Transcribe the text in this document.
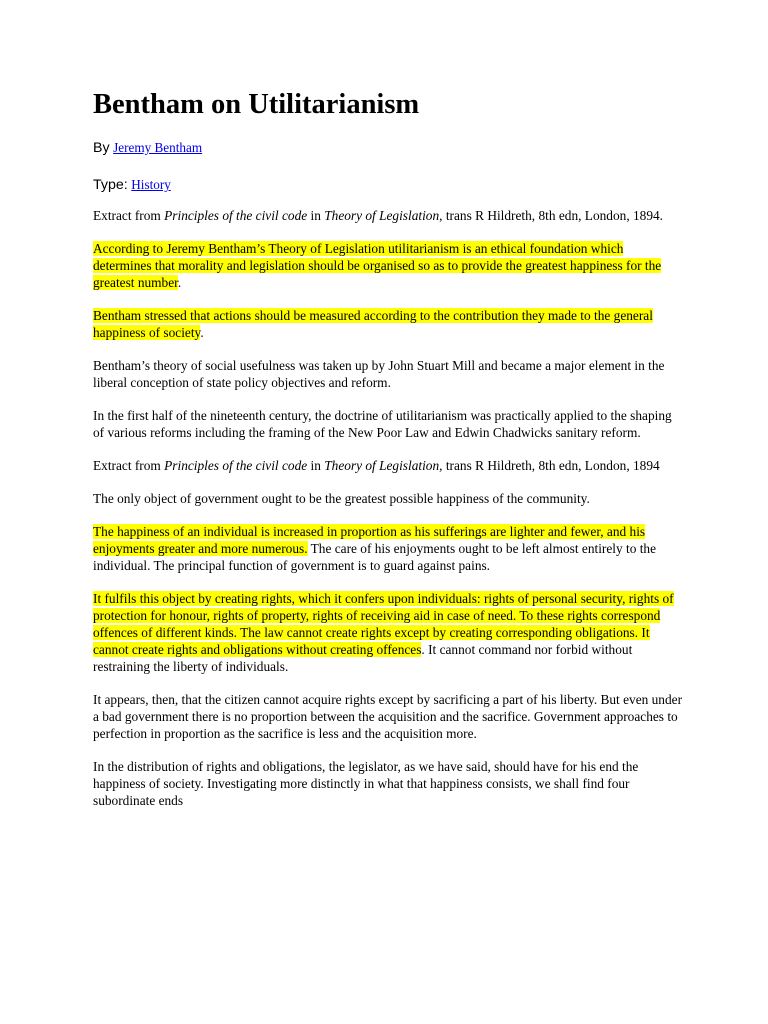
Bentham on Utilitarianism
By Jeremy Bentham
Type: History

Extract from Principles of the civil code in Theory of Legislation, trans R Hildreth, 8th edn, London, 1894.

According to Jeremy Bentham’s Theory of Legislation utilitarianism is an ethical foundation which determines that morality and legislation should be organised so as to provide the greatest happiness for the greatest number.

Bentham stressed that actions should be measured according to the contribution they made to the general happiness of society.

Bentham’s theory of social usefulness was taken up by John Stuart Mill and became a major element in the liberal conception of state policy objectives and reform.

In the first half of the nineteenth century, the doctrine of utilitarianism was practically applied to the shaping of various reforms including the framing of the New Poor Law and Edwin Chadwicks sanitary reform.

Extract from Principles of the civil code in Theory of Legislation, trans R Hildreth, 8th edn, London, 1894

The only object of government ought to be the greatest possible happiness of the community.

The happiness of an individual is increased in proportion as his sufferings are lighter and fewer, and his enjoyments greater and more numerous. The care of his enjoyments ought to be left almost entirely to the individual. The principal function of government is to guard against pains.

It fulfils this object by creating rights, which it confers upon individuals: rights of personal security, rights of protection for honour, rights of property, rights of receiving aid in case of need. To these rights correspond offences of different kinds. The law cannot create rights except by creating corresponding obligations. It cannot create rights and obligations without creating offences. It cannot command nor forbid without restraining the liberty of individuals.

It appears, then, that the citizen cannot acquire rights except by sacrificing a part of his liberty. But even under a bad government there is no proportion between the acquisition and the sacrifice. Government approaches to perfection in proportion as the sacrifice is less and the acquisition more.

In the distribution of rights and obligations, the legislator, as we have said, should have for his end the happiness of society. Investigating more distinctly in what that happiness consists, we shall find four subordinate ends
